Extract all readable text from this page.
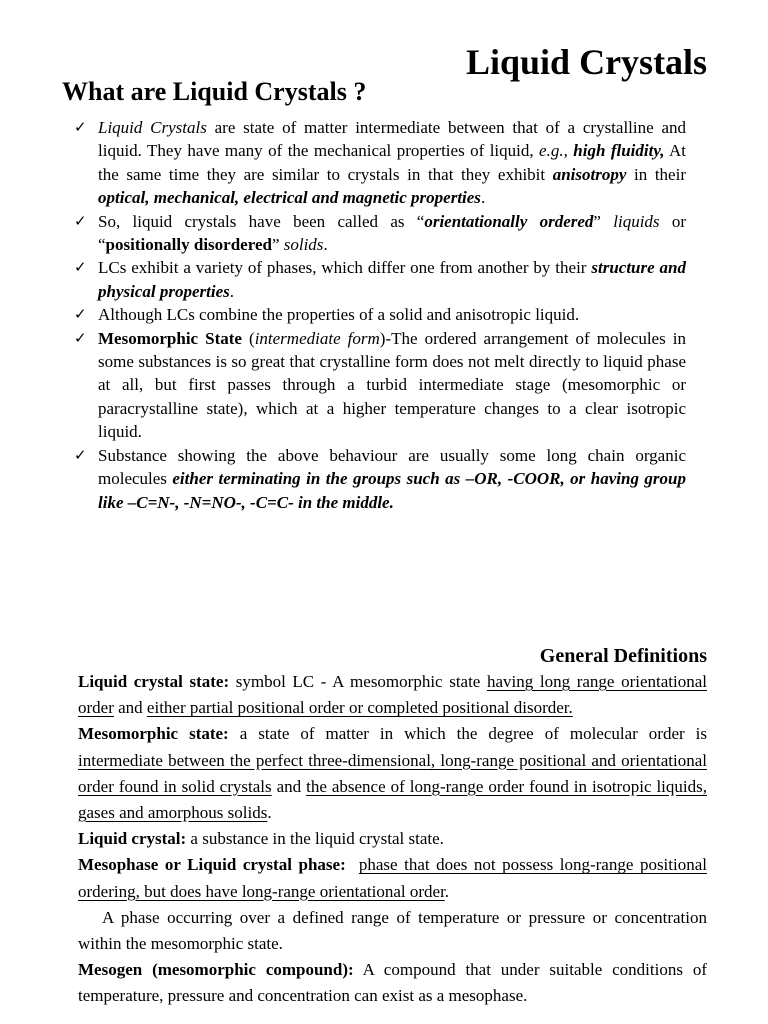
Liquid Crystals
What are Liquid Crystals ?
✓ Liquid Crystals are state of matter intermediate between that of a crystalline and liquid. They have many of the mechanical properties of liquid, e.g., high fluidity, At the same time they are similar to crystals in that they exhibit anisotropy in their optical, mechanical, electrical and magnetic properties.
✓ So, liquid crystals have been called as “orientationally ordered” liquids or “positionally disordered” solids.
✓ LCs exhibit a variety of phases, which differ one from another by their structure and physical properties.
✓ Although LCs combine the properties of a solid and anisotropic liquid.
✓ Mesomorphic State (intermediate form)-The ordered arrangement of molecules in some substances is so great that crystalline form does not melt directly to liquid phase at all, but first passes through a turbid intermediate stage (mesomorphic or paracrystalline state), which at a higher temperature changes to a clear isotropic liquid.
✓ Substance showing the above behaviour are usually some long chain organic molecules either terminating in the groups such as –OR, -COOR, or having group like –C=N-, -N=NO-, -C=C- in the middle.
General Definitions

Liquid crystal state: symbol LC - A mesomorphic state having long range orientational order and either partial positional order or completed positional disorder.

Mesomorphic state: a state of matter in which the degree of molecular order is intermediate between the perfect three-dimensional, long-range positional and orientational order found in solid crystals and the absence of long-range order found in isotropic liquids, gases and amorphous solids.

Liquid crystal: a substance in the liquid crystal state.

Mesophase or Liquid crystal phase: phase that does not possess long-range positional ordering, but does have long-range orientational order.

A phase occurring over a defined range of temperature or pressure or concentration within the mesomorphic state.

Mesogen (mesomorphic compound): A compound that under suitable conditions of temperature, pressure and concentration can exist as a mesophase.
